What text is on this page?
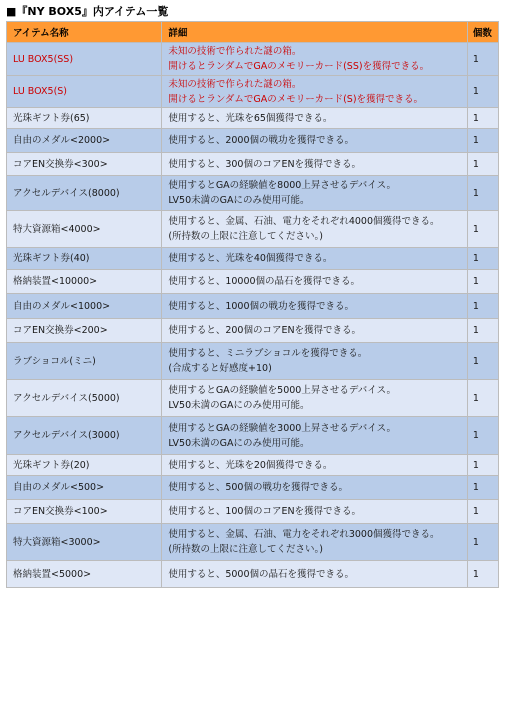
■『NY BOX5』内アイテム一覧
アイテム名称	詳細	個数
LU BOX5(SS)	未知の技術で作られた謎の箱。
開けるとランダムでGAのメモリーカード(SS)を獲得できる。	1
LU BOX5(S)	未知の技術で作られた謎の箱。
開けるとランダムでGAのメモリーカード(S)を獲得できる。	1
光珠ギフト券(65)	使用すると、光珠を65個獲得できる。	1
自由のメダル<2000>	使用すると、2000個の戦功を獲得できる。	1
コアEN交換券<300>	使用すると、300個のコアENを獲得できる。	1
アクセルデバイス(8000)	使用するとGAの経験値を8000上昇させるデバイス。
LV50未満のGAにのみ使用可能。	1
特大資源箱<4000>	使用すると、金属、石油、電力をそれぞれ4000個獲得できる。
(所持数の上限に注意してください。)	1
光珠ギフト券(40)	使用すると、光珠を40個獲得できる。	1
格納装置<10000>	使用すると、10000個の晶石を獲得できる。	1
自由のメダル<1000>	使用すると、1000個の戦功を獲得できる。	1
コアEN交換券<200>	使用すると、200個のコアENを獲得できる。	1
ラブショコル(ミニ)	使用すると、ミニラブショコルを獲得できる。
(合成すると好感度+10)	1
アクセルデバイス(5000)	使用するとGAの経験値を5000上昇させるデバイス。
LV50未満のGAにのみ使用可能。	1
アクセルデバイス(3000)	使用するとGAの経験値を3000上昇させるデバイス。
LV50未満のGAにのみ使用可能。	1
光珠ギフト券(20)	使用すると、光珠を20個獲得できる。	1
自由のメダル<500>	使用すると、500個の戦功を獲得できる。	1
コアEN交換券<100>	使用すると、100個のコアENを獲得できる。	1
特大資源箱<3000>	使用すると、金属、石油、電力をそれぞれ3000個獲得できる。
(所持数の上限に注意してください。)	1
格納装置<5000>	使用すると、5000個の晶石を獲得できる。	1
